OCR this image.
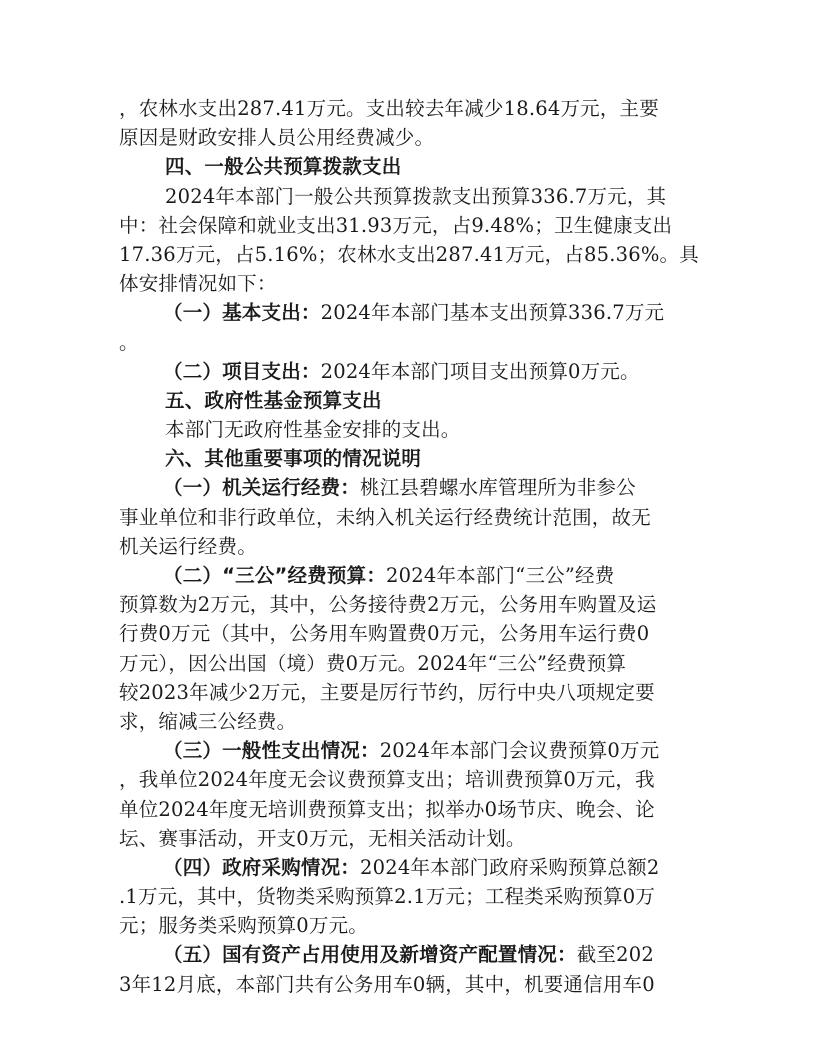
，农林水支出287.41万元。支出较去年减少18.64万元，主要
原因是财政安排人员公用经费减少。
四、一般公共预算拨款支出
2024年本部门一般公共预算拨款支出预算336.7万元，其
中：社会保障和就业支出31.93万元，占9.48%；卫生健康支出
17.36万元，占5.16%；农林水支出287.41万元，占85.36%。具
体安排情况如下：
（一）基本支出：2024年本部门基本支出预算336.7万元
。
（二）项目支出：2024年本部门项目支出预算0万元。
五、政府性基金预算支出
本部门无政府性基金安排的支出。
六、其他重要事项的情况说明
（一）机关运行经费：桃江县碧螺水库管理所为非参公
事业单位和非行政单位，未纳入机关运行经费统计范围，故无
机关运行经费。
（二）“三公”经费预算：2024年本部门“三公”经费
预算数为2万元，其中，公务接待费2万元，公务用车购置及运
行费0万元（其中，公务用车购置费0万元，公务用车运行费0
万元），因公出国（境）费0万元。2024年“三公”经费预算
较2023年减少2万元，主要是厉行节约，厉行中央八项规定要
求，缩减三公经费。
（三）一般性支出情况：2024年本部门会议费预算0万元
，我单位2024年度无会议费预算支出；培训费预算0万元，我
单位2024年度无培训费预算支出；拟举办0场节庆、晚会、论
坛、赛事活动，开支0万元，无相关活动计划。
（四）政府采购情况：2024年本部门政府采购预算总额2
.1万元，其中，货物类采购预算2.1万元；工程类采购预算0万
元；服务类采购预算0万元。
（五）国有资产占用使用及新增资产配置情况：截至202
3年12月底，本部门共有公务用车0辆，其中，机要通信用车0
